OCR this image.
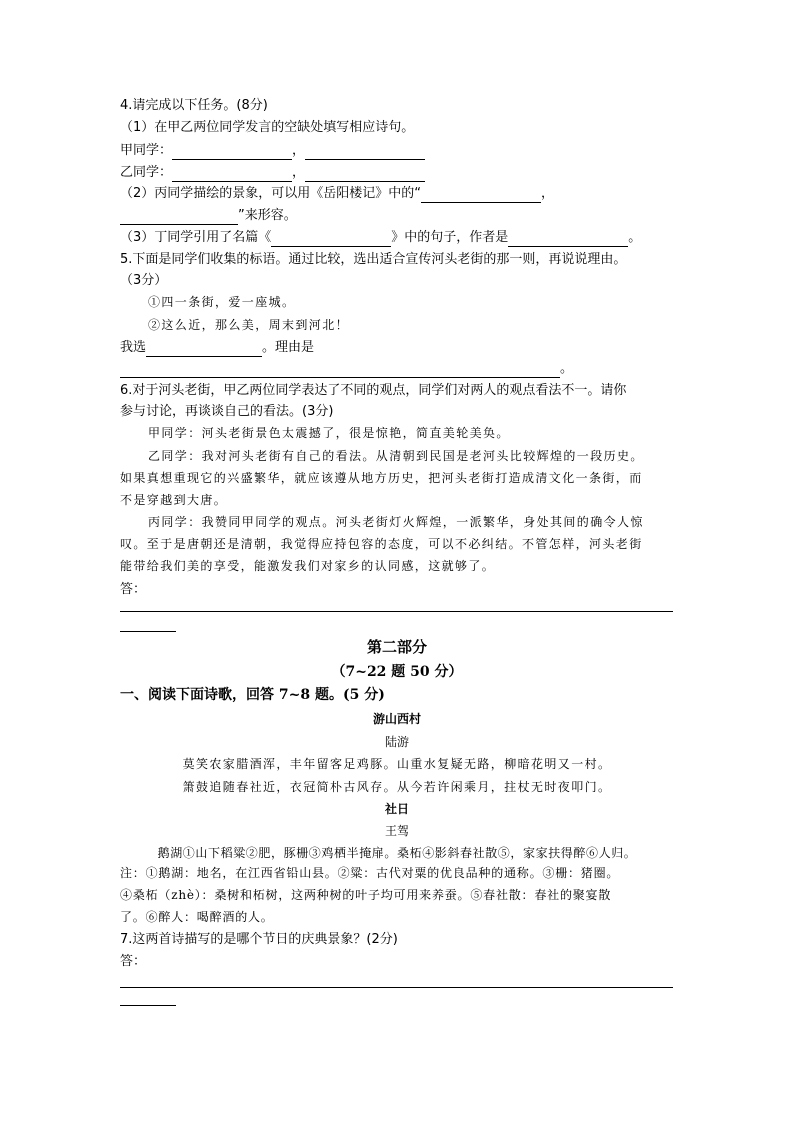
4.请完成以下任务。(8分)
（1）在甲乙两位同学发言的空缺处填写相应诗句。
甲同学：	，
乙同学：	，
（2）丙同学描绘的景象，可以用《岳阳楼记》中的“	，
”来形容。
（3）丁同学引用了名篇《	》中的句子，作者是	。
5.下面是同学们收集的标语。通过比较，选出适合宣传河头老街的那一则，再说说理由。
（3分）
①四一条街，爱一座城。
②这么近，那么美，周末到河北！
我选	。理由是
。
6.对于河头老街，甲乙两位同学表达了不同的观点，同学们对两人的观点看法不一。请你
参与讨论，再谈谈自己的看法。(3分)
甲同学：河头老街景色太震撼了，很是惊艳，简直美轮美奂。
乙同学：我对河头老街有自己的看法。从清朝到民国是老河头比较辉煌的一段历史。
如果真想重现它的兴盛繁华，就应该遵从地方历史，把河头老街打造成清文化一条街，而
不是穿越到大唐。
丙同学：我赞同甲同学的观点。河头老街灯火辉煌，一派繁华，身处其间的确令人惊
叹。至于是唐朝还是清朝，我觉得应持包容的态度，可以不必纠结。不管怎样，河头老街
能带给我们美的享受，能激发我们对家乡的认同感，这就够了。
答：
第二部分
（7~22 题 50 分）
一、阅读下面诗歌，回答 7~8 题。(5 分)
游山西村
陆游
莫笑农家腊酒浑，丰年留客足鸡豚。山重水复疑无路，柳暗花明又一村。
箫鼓追随春社近，衣冠简朴古风存。从今若许闲乘月，拄杖无时夜叩门。
社日
王驾
鹅湖①山下稻粱②肥，豚栅③鸡栖半掩扉。桑柘④影斜春社散⑤，家家扶得醉⑥人归。
注：①鹅湖：地名，在江西省铅山县。②粱：古代对粟的优良品种的通称。③栅：猪圈。
④桑柘（zhè）：桑树和柘树，这两种树的叶子均可用来养蚕。⑤春社散：春社的聚宴散
了。⑥醉人：喝醉酒的人。
7.这两首诗描写的是哪个节日的庆典景象？(2分)
答：
